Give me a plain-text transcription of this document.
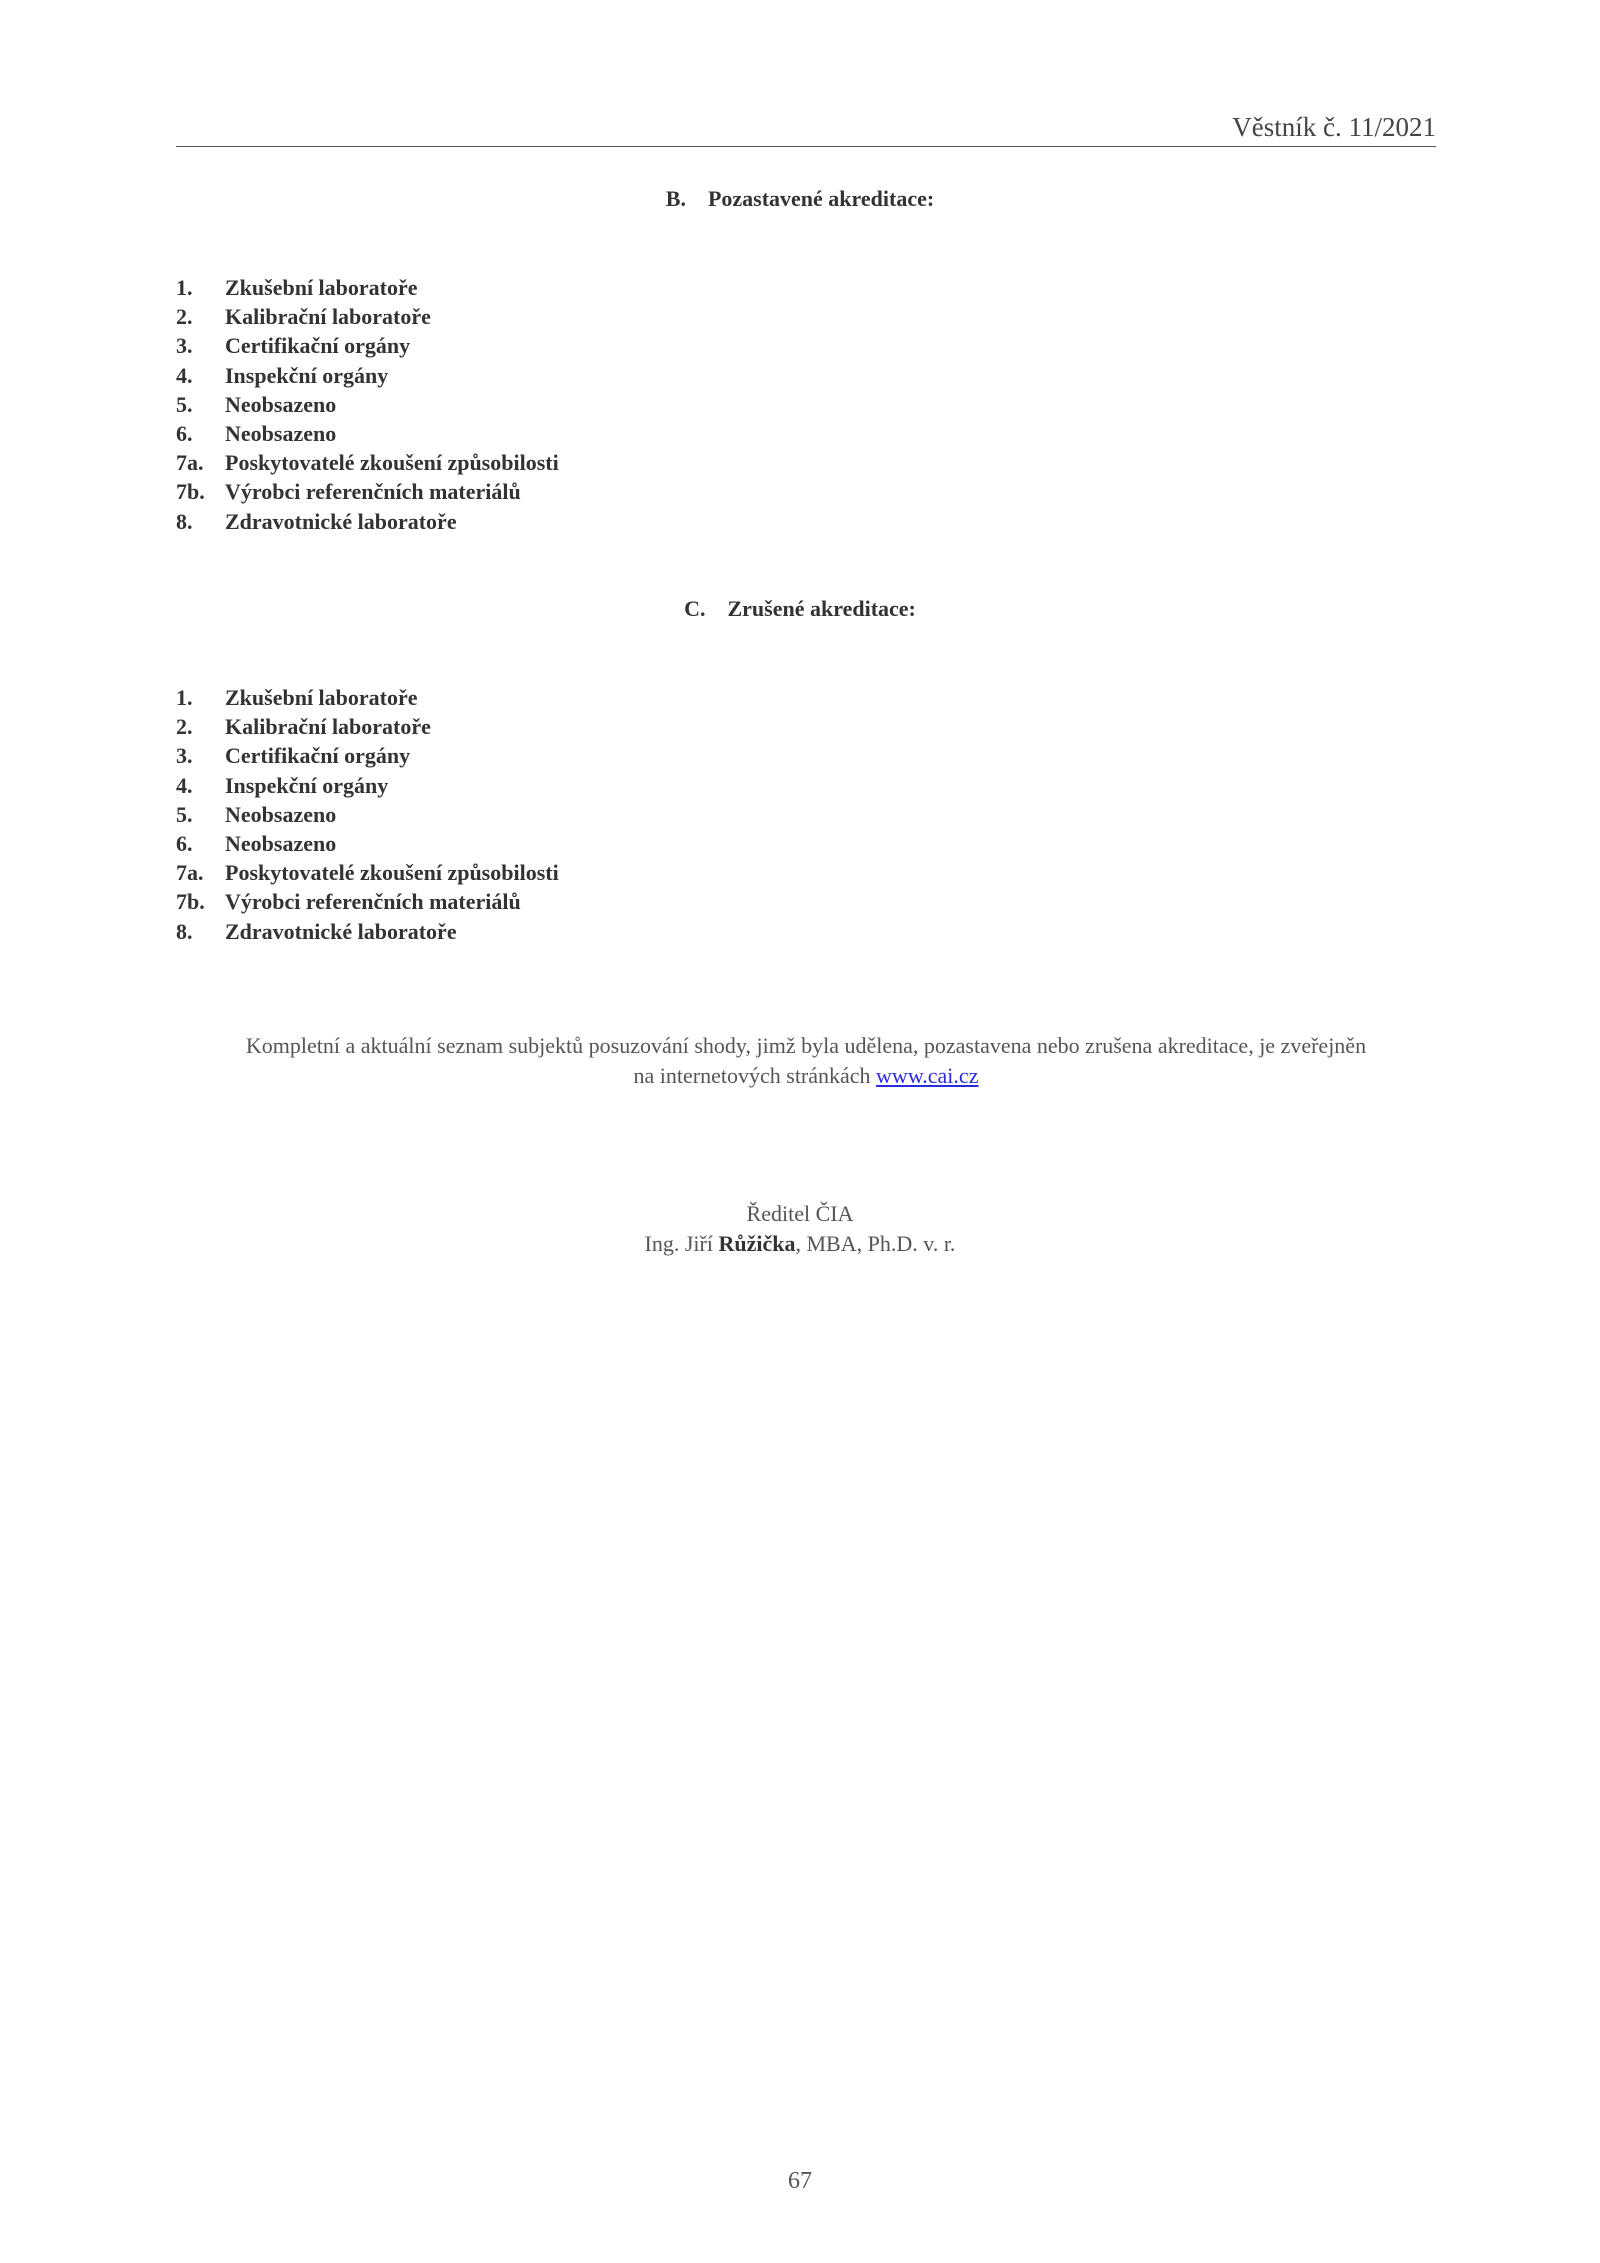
Věstník č. 11/2021
B. Pozastavené akreditace:
1. Zkušební laboratoře
2. Kalibrační laboratoře
3. Certifikační orgány
4. Inspekční orgány
5. Neobsazeno
6. Neobsazeno
7a. Poskytovatelé zkoušení způsobilosti
7b. Výrobci referenčních materiálů
8. Zdravotnické laboratoře
C. Zrušené akreditace:
1. Zkušební laboratoře
2. Kalibrační laboratoře
3. Certifikační orgány
4. Inspekční orgány
5. Neobsazeno
6. Neobsazeno
7a. Poskytovatelé zkoušení způsobilosti
7b. Výrobci referenčních materiálů
8. Zdravotnické laboratoře
Kompletní a aktuální seznam subjektů posuzování shody, jimž byla udělena, pozastavena nebo zrušena akreditace, je zveřejněn
na internetových stránkách www.cai.cz
Ředitel ČIA
Ing. Jiří Růžička, MBA, Ph.D. v. r.
67
